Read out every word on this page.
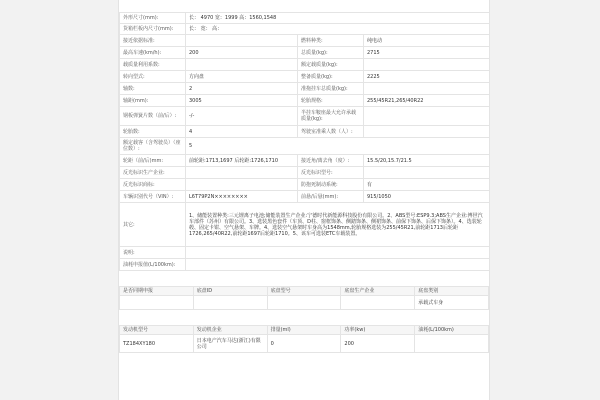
外形尺寸(mm):	长： 4970 宽：1999 高：1560,1548		
货箱栏板内尺寸(mm):	长： 宽： 高：		
接近依据标准:		燃料种类:	纯电动
最高车速(km/h):	200	总质量(kg):	2715
载质量利用系数:		额定载质量(kg):	
转向型式:	方向盘	整备质量(kg):	2225
轴数:	2	准拖挂车总质量(kg):	
轴距(mm):	3005	轮胎规格:	255/45R21,265/40R22
钢板弹簧片数（前/后）:	-/-	半挂车鞍座最大允许承载质量(kg):	
轮胎数:	4	驾驶室准乘人数（人）:	
额定载客（含驾驶员）（座位数）:	5		
轮距（前/后)mm:	前轮距:1713,1697 后轮距:1726,1710	接近角/离去角（度）:	15.5/20,15.7/21.5
反光标识生产企业:		反光标识型号:	
反光标识商标:		防抱死制动系统:	有
车辆识别代号（VIN）:	L6T79P2N××××××××	前悬/后悬(mm):	915/1050
其它:	1、储能装置种类:三元锂离子电池;储能装置生产企业:宁德时代新能源科技股份有限公司。2、ABS型号:ESP9.3;ABS生产企业:博世汽车部件（苏州）有限公司。3、选装黑色套件（车顶、D柱、窗框饰条、侧踏饰条、侧裙饰条、前保下饰条、后保下饰条）。4、选装轮毂、固定卡钳、空气悬架、车牌。4、选装空气悬架时车身高为1548mm,轮胎规格选装为255/45R21,前轮距1713后轮距1726,265/40R22,前轮距1697后轮距1710。5、该车可选装ETC车载装置。		
说明:			
油耗申报值(L/100km):			
是否同期申报	底盘ID	底盘型号	底盘生产企业	底盘类别
				承载式车身
发动机型号	发动机企业	排量(ml)	功率(kw)	油耗(L/100km)
TZ184XY180	日本电产汽车马达(浙江)有限公司	0	200	
